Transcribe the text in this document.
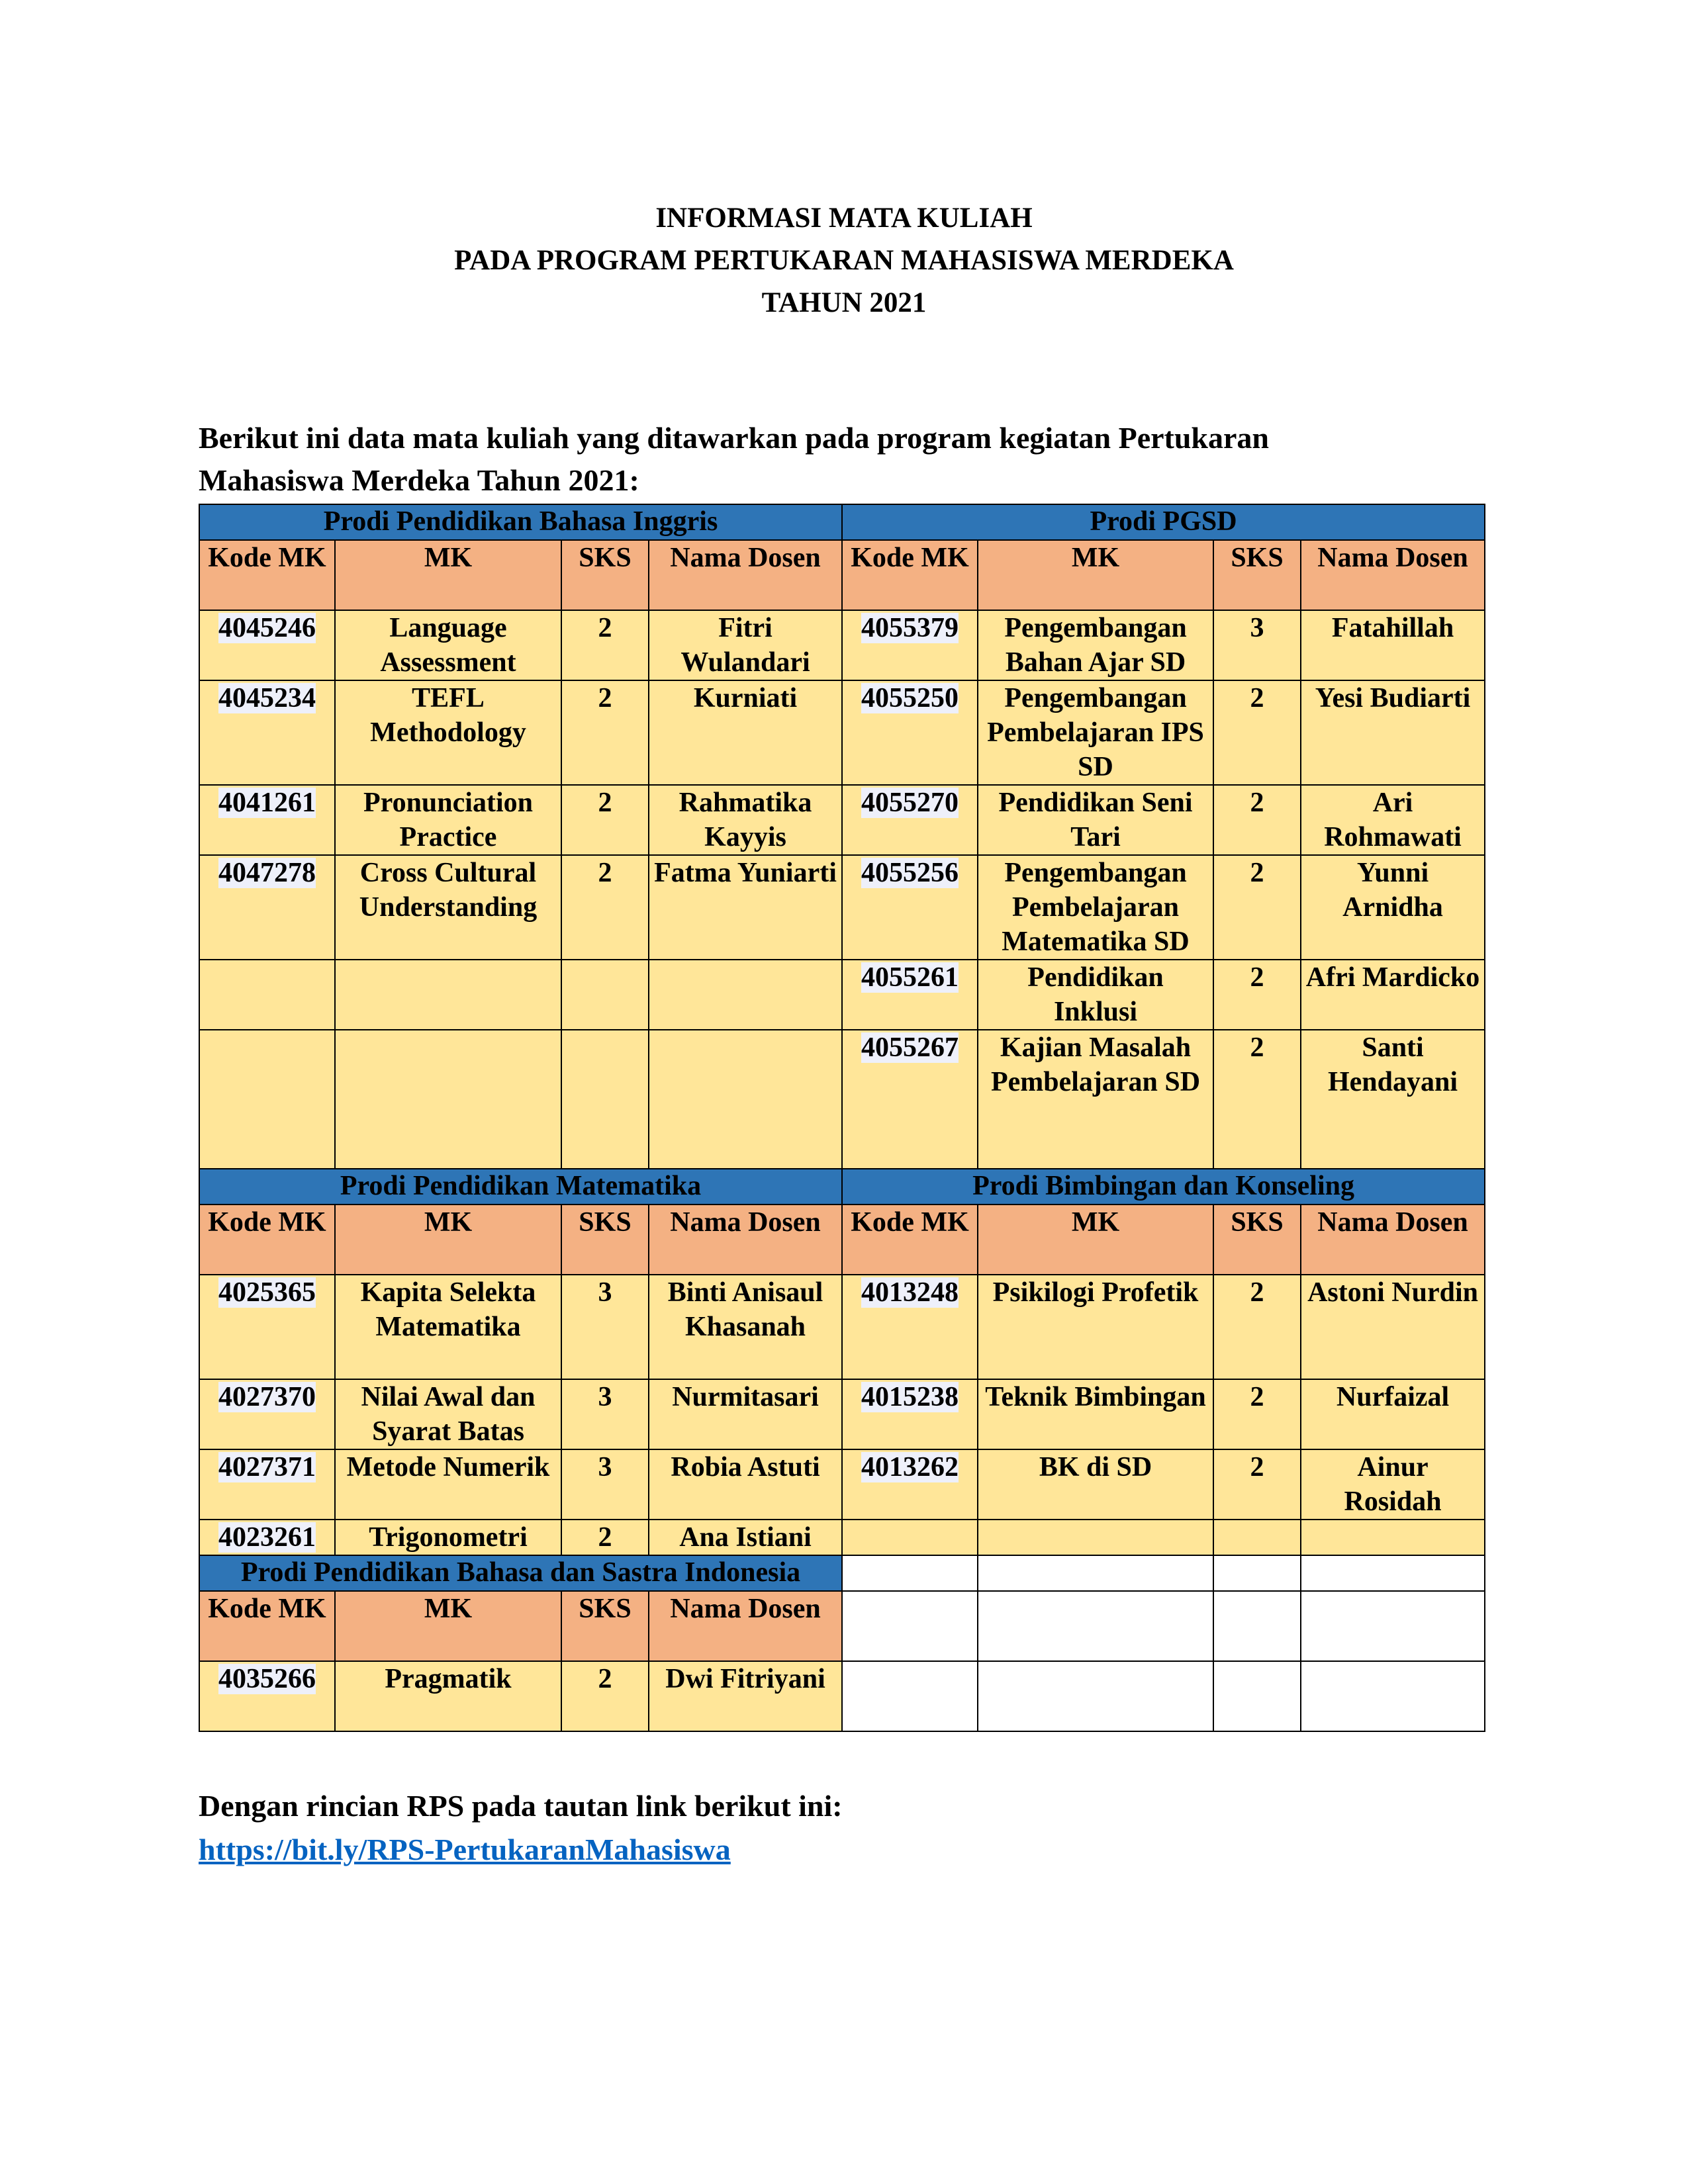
INFORMASI MATA KULIAH
PADA PROGRAM PERTUKARAN MAHASISWA MERDEKA
TAHUN 2021
Berikut ini data mata kuliah yang ditawarkan pada program kegiatan Pertukaran
Mahasiswa Merdeka Tahun 2021:
Prodi Pendidikan Bahasa Inggris				Prodi PGSD			
Kode MK	MK	SKS	Nama Dosen	Kode MK	MK	SKS	Nama Dosen
4045246	Language Assessment	2	Fitri Wulandari	4055379	Pengembangan Bahan Ajar SD	3	Fatahillah
4045234	TEFL Methodology	2	Kurniati	4055250	Pengembangan Pembelajaran IPS SD	2	Yesi Budiarti
4041261	Pronunciation Practice	2	Rahmatika Kayyis	4055270	Pendidikan Seni Tari	2	Ari Rohmawati
4047278	Cross Cultural Understanding	2	Fatma Yuniarti	4055256	Pengembangan Pembelajaran Matematika SD	2	Yunni Arnidha
				4055261	Pendidikan Inklusi	2	Afri Mardicko
				4055267	Kajian Masalah Pembelajaran SD	2	Santi Hendayani
Prodi Pendidikan Matematika				Prodi Bimbingan dan Konseling			
Kode MK	MK	SKS	Nama Dosen	Kode MK	MK	SKS	Nama Dosen
4025365	Kapita Selekta Matematika	3	Binti Anisaul Khasanah	4013248	Psikilogi Profetik	2	Astoni Nurdin
4027370	Nilai Awal dan Syarat Batas	3	Nurmitasari	4015238	Teknik Bimbingan	2	Nurfaizal
4027371	Metode Numerik	3	Robia Astuti	4013262	BK di SD	2	Ainur Rosidah
4023261	Trigonometri	2	Ana Istiani				
Prodi Pendidikan Bahasa dan Sastra Indonesia							
Kode MK	MK	SKS	Nama Dosen				
4035266	Pragmatik	2	Dwi Fitriyani				
Dengan rincian RPS pada tautan link berikut ini:
https://bit.ly/RPS-PertukaranMahasiswa
